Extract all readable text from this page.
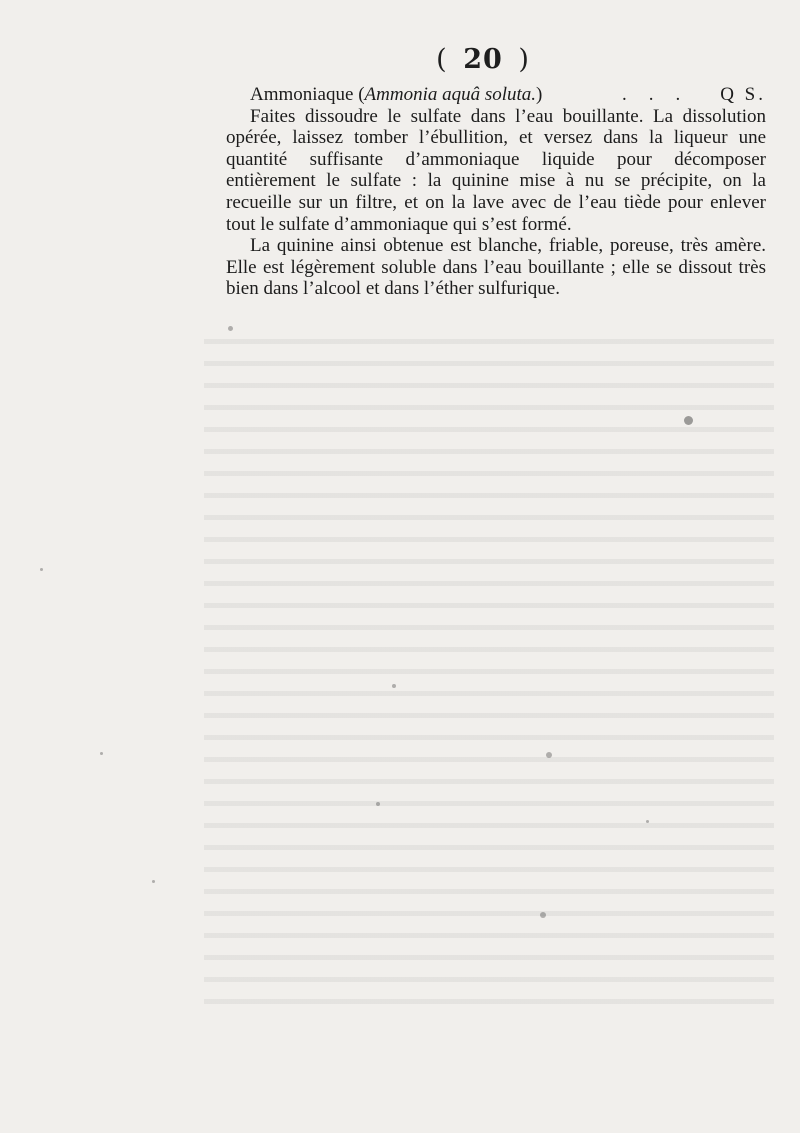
( 20 )
Ammoniaque
( Ammonia aquâ soluta. )	... Q S.

Faites dissoudre le sulfate dans l’eau bouillante. La dissolution opérée, laissez tomber l’ébullition, et versez dans la liqueur une quantité suffisante d’ammoniaque liquide pour décomposer entièrement le sulfate : la quinine mise à nu se précipite, on la recueille sur un filtre, et on la lave avec de l’eau tiède pour enlever tout le sulfate d’ammoniaque qui s’est formé.

La quinine ainsi obtenue est blanche, friable, poreuse, très amère. Elle est légèrement soluble dans l’eau bouillante ; elle se dissout très bien dans l’alcool et dans l’éther sulfurique.
